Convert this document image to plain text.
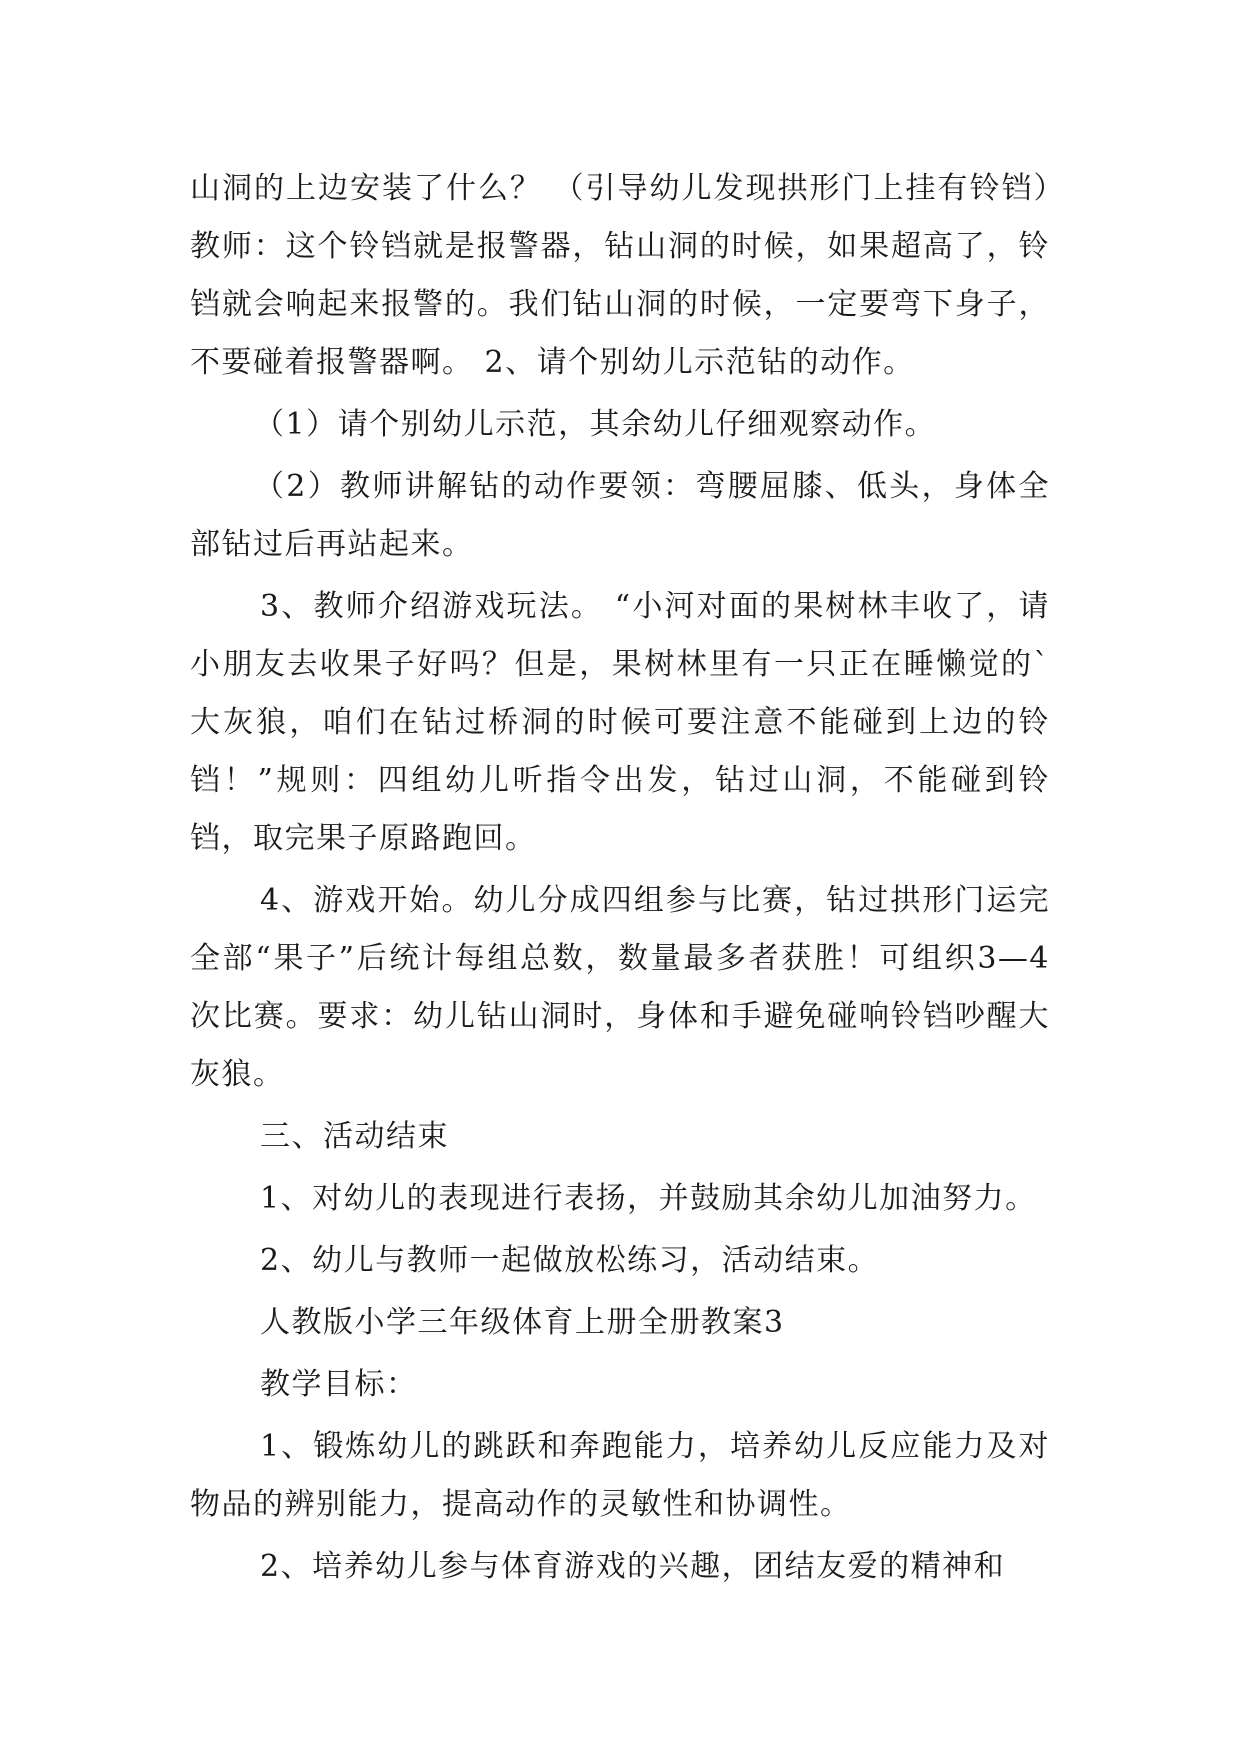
山洞的上边安装了什么？ （引导幼儿发现拱形门上挂有铃铛）教师：这个铃铛就是报警器，钻山洞的时候，如果超高了，铃铛就会响起来报警的。我们钻山洞的时候，一定要弯下身子，不要碰着报警器啊。 2、请个别幼儿示范钻的动作。

（1）请个别幼儿示范，其余幼儿仔细观察动作。

（2）教师讲解钻的动作要领：弯腰屈膝、低头，身体全部钻过后再站起来。

3、教师介绍游戏玩法。 “小河对面的果树林丰收了，请小朋友去收果子好吗？但是，果树林里有一只正在睡懒觉的`大灰狼，咱们在钻过桥洞的时候可要注意不能碰到上边的铃铛！”规则：四组幼儿听指令出发，钻过山洞，不能碰到铃铛，取完果子原路跑回。

4、游戏开始。幼儿分成四组参与比赛，钻过拱形门运完全部“果子”后统计每组总数，数量最多者获胜！可组织3—4次比赛。要求：幼儿钻山洞时，身体和手避免碰响铃铛吵醒大灰狼。

三、活动结束

1、对幼儿的表现进行表扬，并鼓励其余幼儿加油努力。

2、幼儿与教师一起做放松练习，活动结束。

人教版小学三年级体育上册全册教案3

教学目标：

1、锻炼幼儿的跳跃和奔跑能力，培养幼儿反应能力及对物品的辨别能力，提高动作的灵敏性和协调性。

2、培养幼儿参与体育游戏的兴趣，团结友爱的精神和
